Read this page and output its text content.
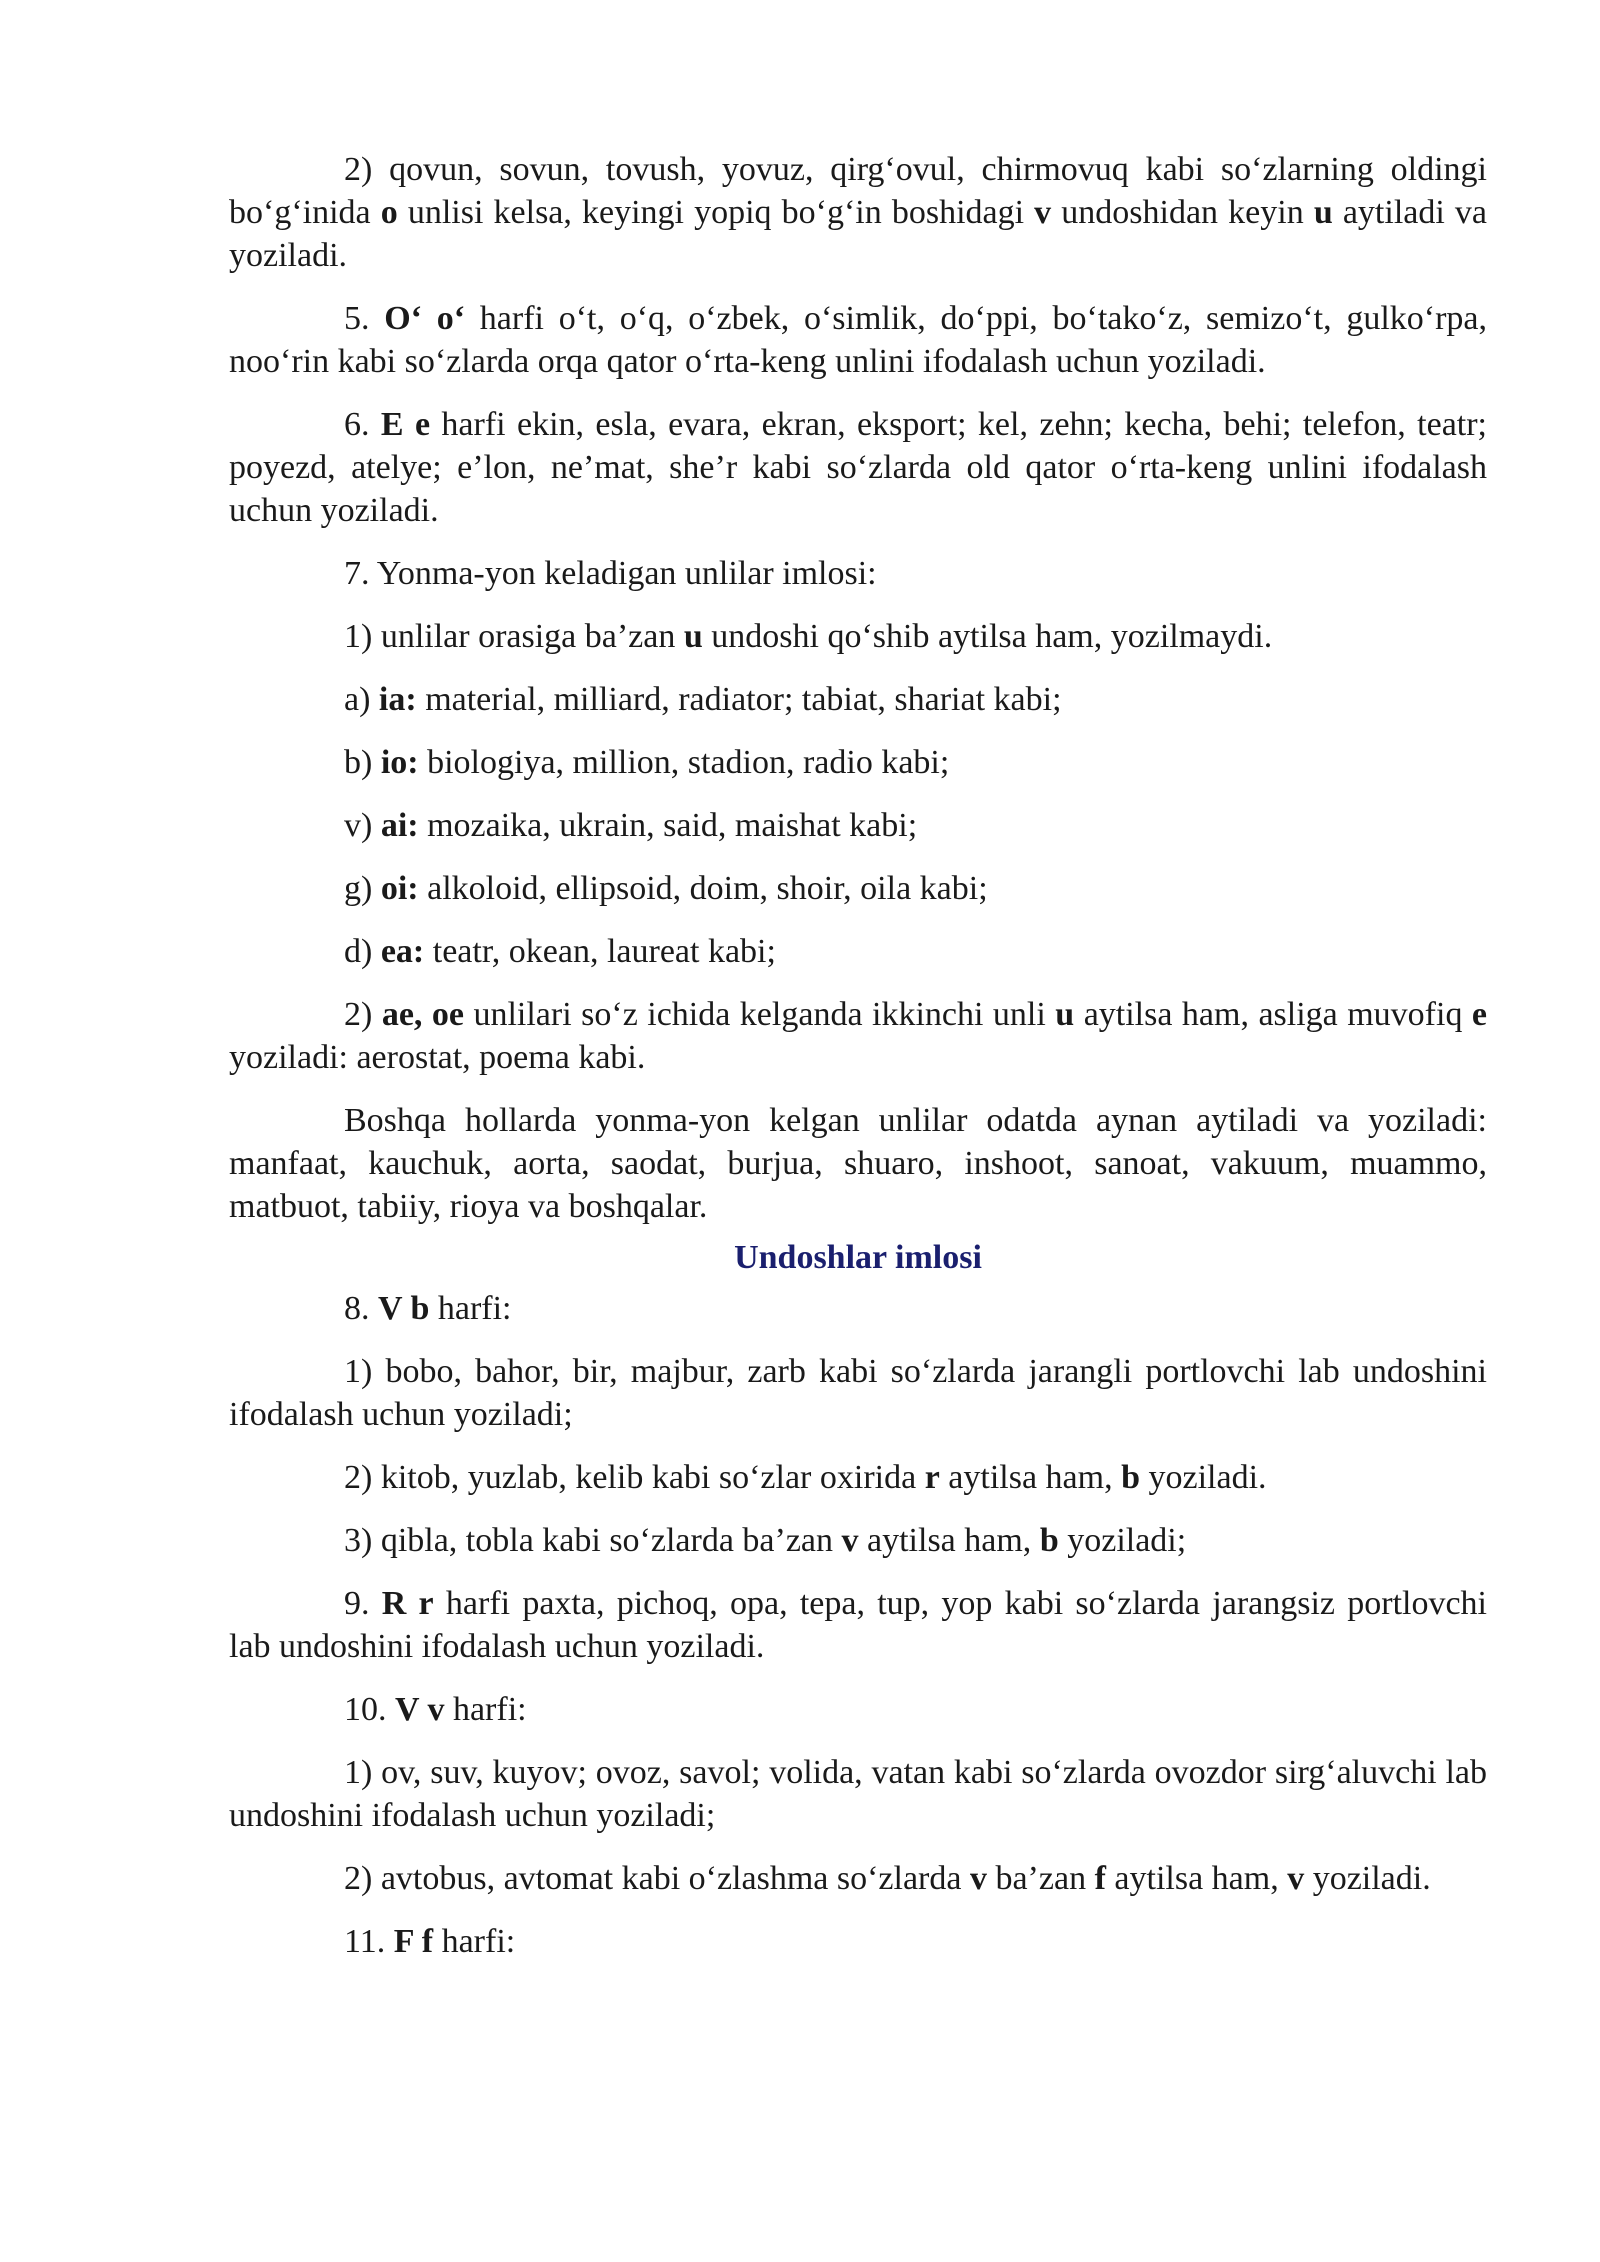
2) qovun, sovun, tovush, yovuz, qirg‘ovul, chirmovuq kabi so‘zlarning oldingi bo‘g‘inida o unlisi kelsa, keyingi yopiq bo‘g‘in boshidagi v undoshidan keyin u aytiladi va yoziladi.

5. O‘ o‘ harfi o‘t, o‘q, o‘zbek, o‘simlik, do‘ppi, bo‘tako‘z, semizo‘t, gulko‘rpa, noo‘rin kabi so‘zlarda orqa qator o‘rta-keng unlini ifodalash uchun yoziladi.

6. E e harfi ekin, esla, evara, ekran, eksport; kel, zehn; kecha, behi; telefon, teatr; poyezd, atelye; e’lon, ne’mat, she’r kabi so‘zlarda old qator o‘rta-keng unlini ifodalash uchun yoziladi.

7. Yonma-yon keladigan unlilar imlosi:

1) unlilar orasiga ba’zan u undoshi qo‘shib aytilsa ham, yozilmaydi.

a) ia: material, milliard, radiator; tabiat, shariat kabi;

b) io: biologiya, million, stadion, radio kabi;

v) ai: mozaika, ukrain, said, maishat kabi;

g) oi: alkoloid, ellipsoid, doim, shoir, oila kabi;

d) ea: teatr, okean, laureat kabi;

2) ae, oe unlilari so‘z ichida kelganda ikkinchi unli u aytilsa ham, asliga muvofiq e yoziladi: aerostat, poema kabi.

Boshqa hollarda yonma-yon kelgan unlilar odatda aynan aytiladi va yoziladi: manfaat, kauchuk, aorta, saodat, burjua, shuaro, inshoot, sanoat, vakuum, muammo, matbuot, tabiiy, rioya va boshqalar.

Undoshlar imlosi

8. V b harfi:

1) bobo, bahor, bir, majbur, zarb kabi so‘zlarda jarangli portlovchi lab undoshini ifodalash uchun yoziladi;

2) kitob, yuzlab, kelib kabi so‘zlar oxirida r aytilsa ham, b yoziladi.

3) qibla, tobla kabi so‘zlarda ba’zan v aytilsa ham, b yoziladi;

9. R r harfi paxta, pichoq, opa, tepa, tup, yop kabi so‘zlarda jarangsiz portlovchi lab undoshini ifodalash uchun yoziladi.

10. V v harfi:

1) ov, suv, kuyov; ovoz, savol; volida, vatan kabi so‘zlarda ovozdor sirg‘aluvchi lab undoshini ifodalash uchun yoziladi;

2) avtobus, avtomat kabi o‘zlashma so‘zlarda v ba’zan f aytilsa ham, v yoziladi.

11. F f harfi:
